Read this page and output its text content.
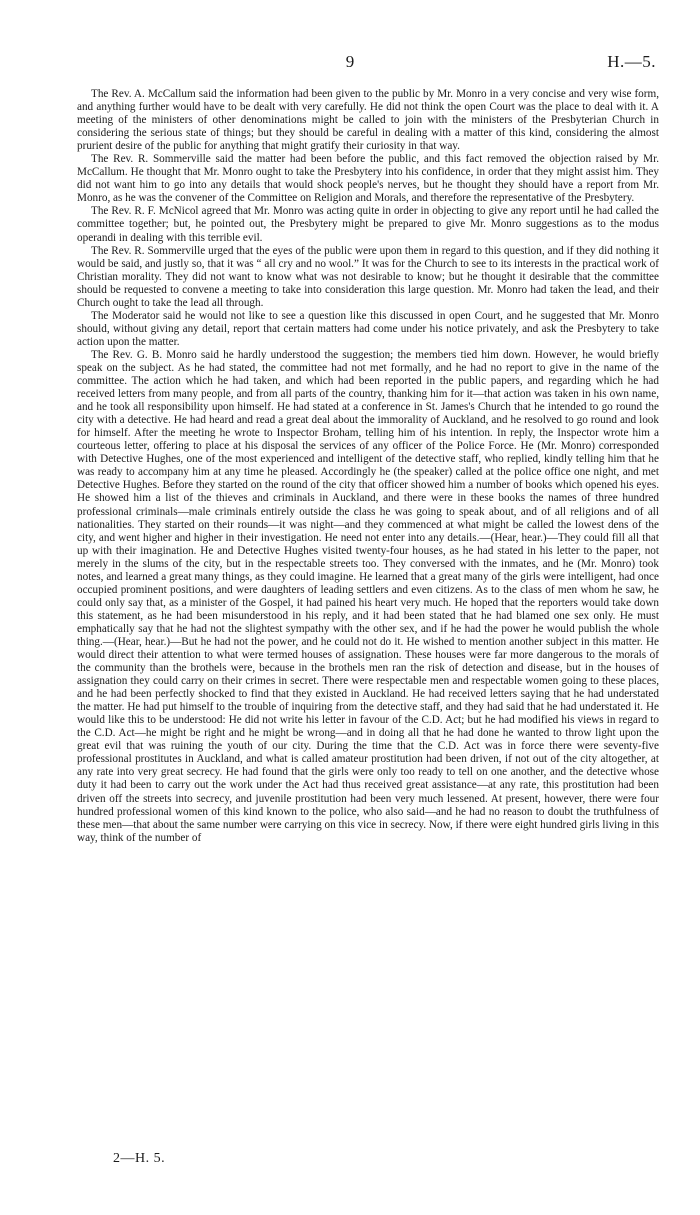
9	H.—5.

The Rev. A. McCallum said the information had been given to the public by Mr. Monro in a very concise and very wise form, and anything further would have to be dealt with very carefully. He did not think the open Court was the place to deal with it. A meeting of the ministers of other denominations might be called to join with the ministers of the Presbyterian Church in considering the serious state of things; but they should be careful in dealing with a matter of this kind, considering the almost prurient desire of the public for anything that might gratify their curiosity in that way.

The Rev. R. Sommerville said the matter had been before the public, and this fact removed the objection raised by Mr. McCallum. He thought that Mr. Monro ought to take the Presbytery into his confidence, in order that they might assist him. They did not want him to go into any details that would shock people's nerves, but he thought they should have a report from Mr. Monro, as he was the convener of the Committee on Religion and Morals, and therefore the representative of the Presbytery.

The Rev. R. F. McNicol agreed that Mr. Monro was acting quite in order in objecting to give any report until he had called the committee together; but, he pointed out, the Presbytery might be prepared to give Mr. Monro suggestions as to the modus operandi in dealing with this terrible evil.

The Rev. R. Sommerville urged that the eyes of the public were upon them in regard to this question, and if they did nothing it would be said, and justly so, that it was “ all cry and no wool.” It was for the Church to see to its interests in the practical work of Christian morality. They did not want to know what was not desirable to know; but he thought it desirable that the committee should be requested to convene a meeting to take into consideration this large question. Mr. Monro had taken the lead, and their Church ought to take the lead all through.

The Moderator said he would not like to see a question like this discussed in open Court, and he suggested that Mr. Monro should, without giving any detail, report that certain matters had come under his notice privately, and ask the Presbytery to take action upon the matter.

The Rev. G. B. Monro said he hardly understood the suggestion; the members tied him down. However, he would briefly speak on the subject. As he had stated, the committee had not met formally, and he had no report to give in the name of the committee. The action which he had taken, and which had been reported in the public papers, and regarding which he had received letters from many people, and from all parts of the country, thanking him for it—that action was taken in his own name, and he took all responsibility upon himself. He had stated at a conference in St. James's Church that he intended to go round the city with a detective. He had heard and read a great deal about the immorality of Auckland, and he resolved to go round and look for himself. After the meeting he wrote to Inspector Broham, telling him of his intention. In reply, the Inspector wrote him a courteous letter, offering to place at his disposal the services of any officer of the Police Force. He (Mr. Monro) corresponded with Detective Hughes, one of the most experienced and intelligent of the detective staff, who replied, kindly telling him that he was ready to accompany him at any time he pleased. Accordingly he (the speaker) called at the police office one night, and met Detective Hughes. Before they started on the round of the city that officer showed him a number of books which opened his eyes. He showed him a list of the thieves and criminals in Auckland, and there were in these books the names of three hundred professional criminals—male criminals entirely outside the class he was going to speak about, and of all religions and of all nationalities. They started on their rounds—it was night—and they commenced at what might be called the lowest dens of the city, and went higher and higher in their investigation. He need not enter into any details.—(Hear, hear.)—They could fill all that up with their imagination. He and Detective Hughes visited twenty-four houses, as he had stated in his letter to the paper, not merely in the slums of the city, but in the respectable streets too. They conversed with the inmates, and he (Mr. Monro) took notes, and learned a great many things, as they could imagine. He learned that a great many of the girls were intelligent, had once occupied prominent positions, and were daughters of leading settlers and even citizens. As to the class of men whom he saw, he could only say that, as a minister of the Gospel, it had pained his heart very much. He hoped that the reporters would take down this statement, as he had been misunderstood in his reply, and it had been stated that he had blamed one sex only. He must emphatically say that he had not the slightest sympathy with the other sex, and if he had the power he would publish the whole thing.—(Hear, hear.)—But he had not the power, and he could not do it. He wished to mention another subject in this matter. He would direct their attention to what were termed houses of assignation. These houses were far more dangerous to the morals of the community than the brothels were, because in the brothels men ran the risk of detection and disease, but in the houses of assignation they could carry on their crimes in secret. There were respectable men and respectable women going to these places, and he had been perfectly shocked to find that they existed in Auckland. He had received letters saying that he had understated the matter. He had put himself to the trouble of inquiring from the detective staff, and they had said that he had understated it. He would like this to be understood: He did not write his letter in favour of the C.D. Act; but he had modified his views in regard to the C.D. Act—he might be right and he might be wrong—and in doing all that he had done he wanted to throw light upon the great evil that was ruining the youth of our city. During the time that the C.D. Act was in force there were seventy-five professional prostitutes in Auckland, and what is called amateur prostitution had been driven, if not out of the city altogether, at any rate into very great secrecy. He had found that the girls were only too ready to tell on one another, and the detective whose duty it had been to carry out the work under the Act had thus received great assistance—at any rate, this prostitution had been driven off the streets into secrecy, and juvenile prostitution had been very much lessened. At present, however, there were four hundred professional women of this kind known to the police, who also said—and he had no reason to doubt the truthfulness of these men—that about the same number were carrying on this vice in secrecy. Now, if there were eight hundred girls living in this way, think of the number of

2—H. 5.
